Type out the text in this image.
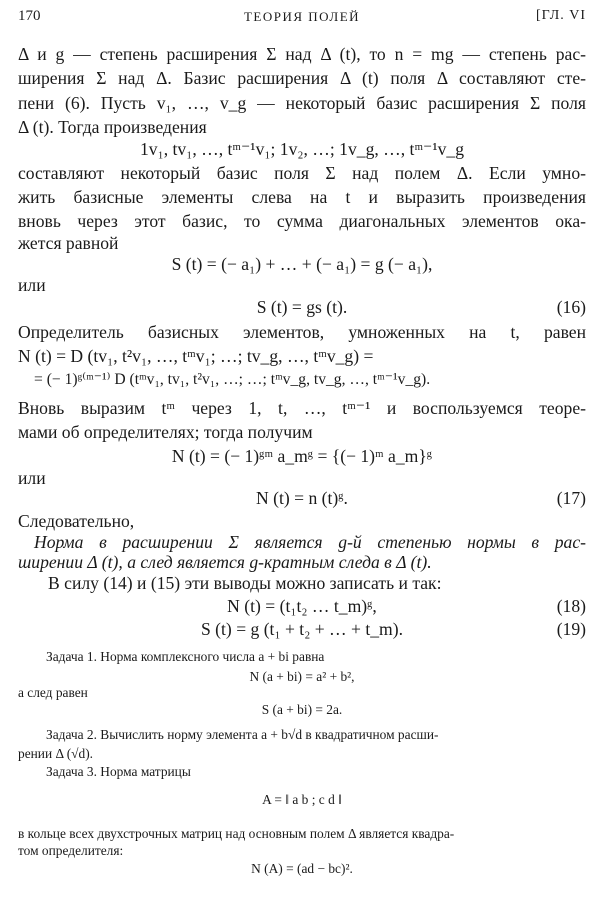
170	ТЕОРИЯ ПОЛЕЙ	[ГЛ. VI
Δ и g — степень расширения Σ над Δ (t), то n = mg — степень рас-
ширения Σ над Δ. Базис расширения Δ (t) поля Δ составляют сте-
пени (6). Пусть v₁, …, v_g — некоторый базис расширения Σ поля
Δ (t). Тогда произведения
1v₁, tv₁, …, tᵐ⁻¹v₁; 1v₂, …; 1v_g, …, tᵐ⁻¹v_g
составляют некоторый базис поля Σ над полем Δ. Если умно-
жить базисные элементы слева на t и выразить произведения
вновь через этот базис, то сумма диагональных элементов ока-
жется равной
S (t) = (− a₁) + … + (− a₁) = g (− a₁),
или
S (t) = gs (t).	(16)
Определитель базисных элементов, умноженных на t, равен
N (t) = D (tv₁, t²v₁, …, tᵐv₁; …; tv_g, …, tᵐv_g) =
= (− 1)ᵍ⁽ᵐ⁻¹⁾ D (tᵐv₁, tv₁, t²v₁, …; …; tᵐv_g, tv_g, …, tᵐ⁻¹v_g).
Вновь выразим tᵐ через 1, t, …, tᵐ⁻¹ и воспользуемся теоре-
мами об определителях; тогда получим
N (t) = (− 1)ᵍᵐ a_mᵍ = {(− 1)ᵐ a_m}ᵍ
или
N (t) = n (t)ᵍ.	(17)
Следовательно,
Норма в расширении Σ является g-й степенью нормы в рас-
ширении Δ (t), а след является g-кратным следа в Δ (t).
В силу (14) и (15) эти выводы можно записать и так:
N (t) = (t₁t₂ … t_m)ᵍ,	(18)
S (t) = g (t₁ + t₂ + … + t_m).	(19)
Задача 1. Норма комплексного числа a + bi равна
N (a + bi) = a² + b²,
а след равен
S (a + bi) = 2a.
Задача 2. Вычислить норму элемента a + b√d в квадратичном расши-
рении Δ (√d).
Задача 3. Норма матрицы
A = ‖ a b ; c d ‖
в кольце всех двухстрочных матриц над основным полем Δ является квадра-
том определителя:
N (A) = (ad − bc)².
